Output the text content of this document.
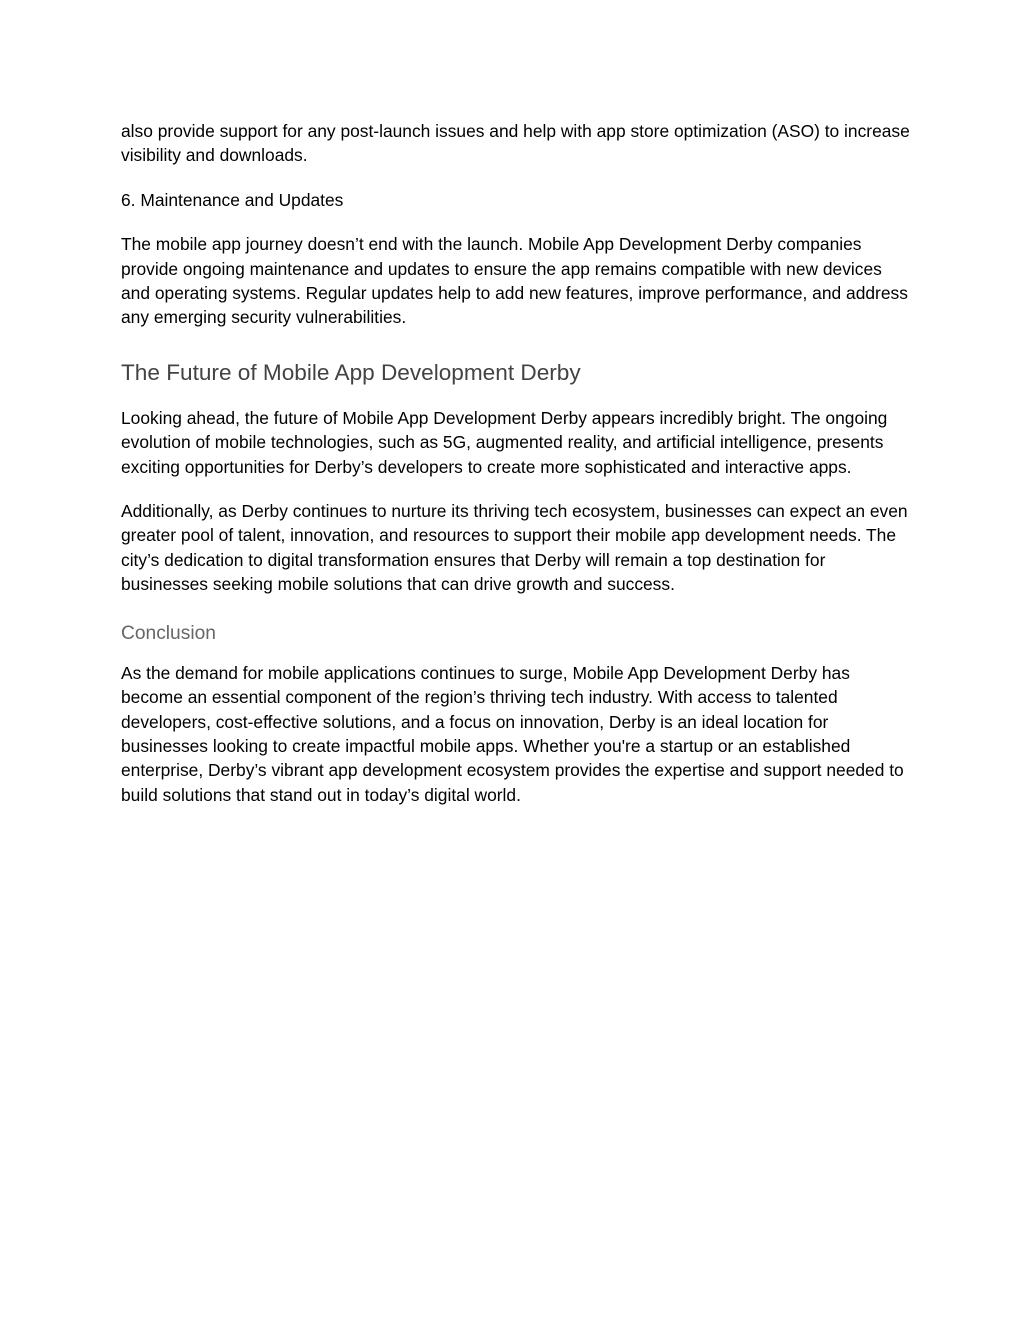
also provide support for any post-launch issues and help with app store optimization (ASO) to increase visibility and downloads.

6. Maintenance and Updates

The mobile app journey doesn’t end with the launch. Mobile App Development Derby companies provide ongoing maintenance and updates to ensure the app remains compatible with new devices and operating systems. Regular updates help to add new features, improve performance, and address any emerging security vulnerabilities.

The Future of Mobile App Development Derby

Looking ahead, the future of Mobile App Development Derby appears incredibly bright. The ongoing evolution of mobile technologies, such as 5G, augmented reality, and artificial intelligence, presents exciting opportunities for Derby’s developers to create more sophisticated and interactive apps.

Additionally, as Derby continues to nurture its thriving tech ecosystem, businesses can expect an even greater pool of talent, innovation, and resources to support their mobile app development needs. The city’s dedication to digital transformation ensures that Derby will remain a top destination for businesses seeking mobile solutions that can drive growth and success.

Conclusion

As the demand for mobile applications continues to surge, Mobile App Development Derby has become an essential component of the region’s thriving tech industry. With access to talented developers, cost-effective solutions, and a focus on innovation, Derby is an ideal location for businesses looking to create impactful mobile apps. Whether you're a startup or an established enterprise, Derby’s vibrant app development ecosystem provides the expertise and support needed to build solutions that stand out in today’s digital world.
